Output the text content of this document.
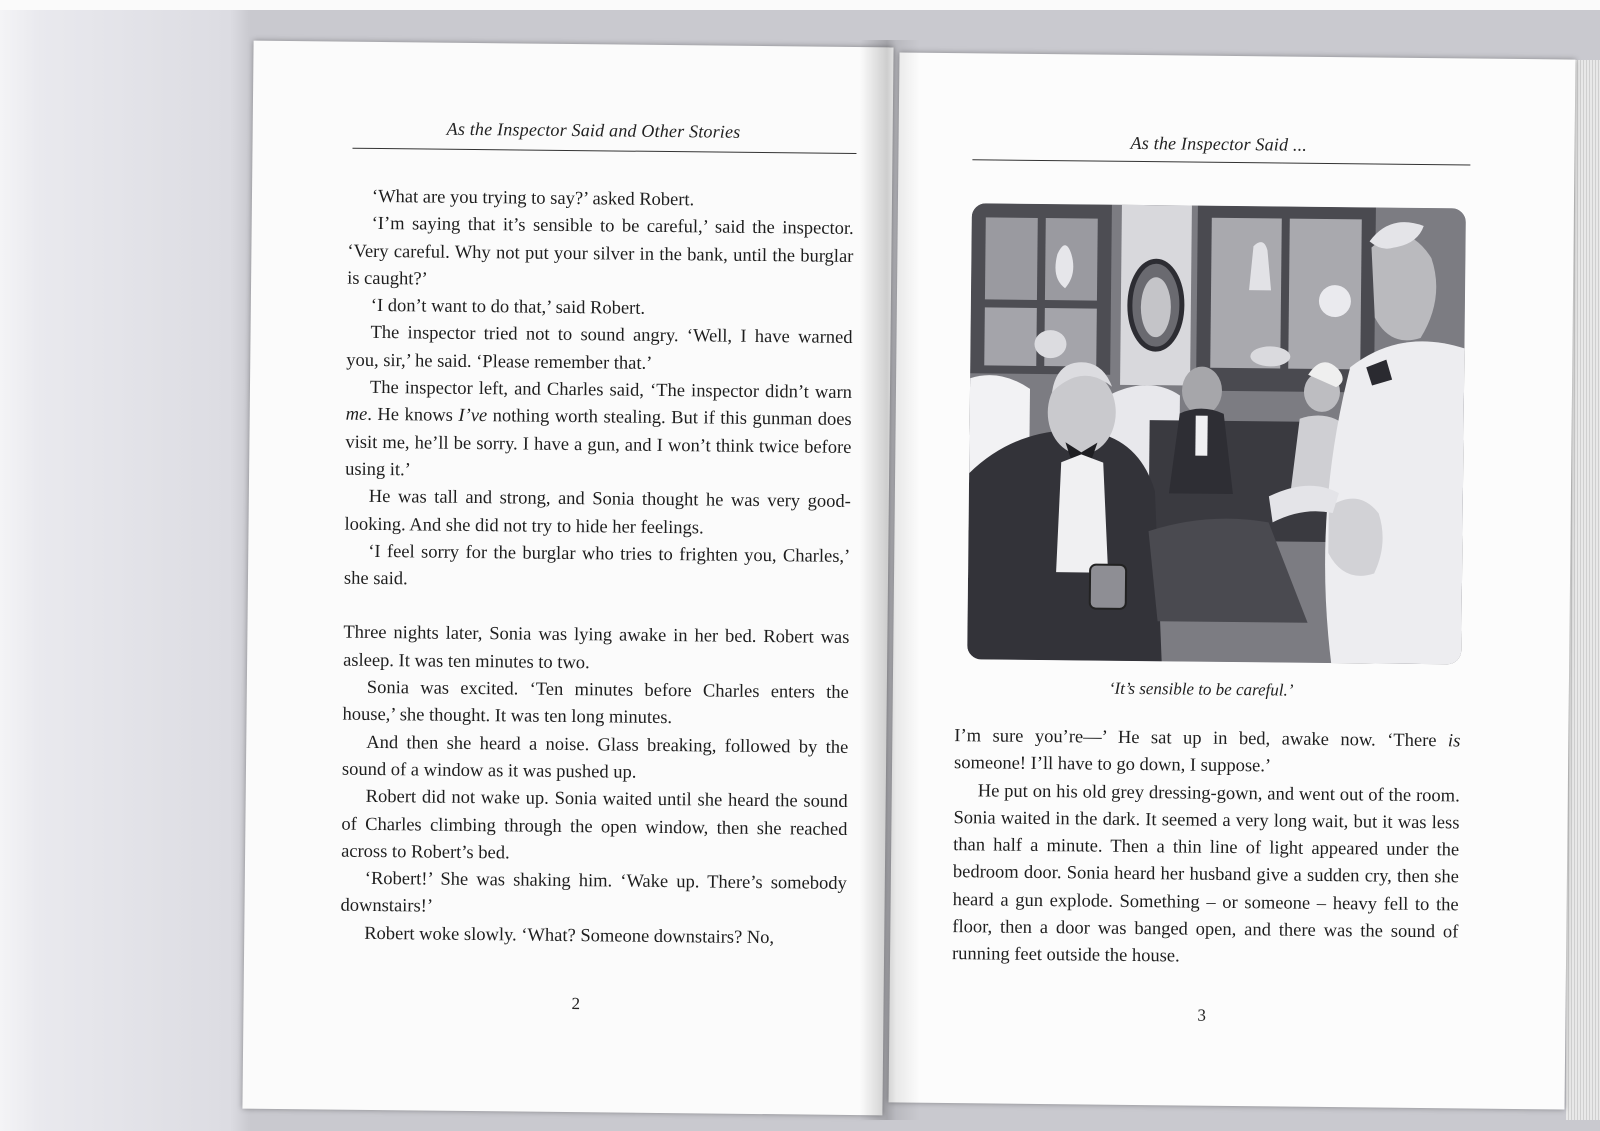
As the Inspector Said and Other Stories

‘What are you trying to say?’ asked Robert.

‘I’m saying that it’s sensible to be careful,’ said the inspector. ‘Very careful. Why not put your silver in the bank, until the burglar is caught?’

‘I don’t want to do that,’ said Robert.

The inspector tried not to sound angry. ‘Well, I have warned you, sir,’ he said. ‘Please remember that.’

The inspector left, and Charles said, ‘The inspector didn’t warn me. He knows I’ve nothing worth stealing. But if this gunman does visit me, he’ll be sorry. I have a gun, and I won’t think twice before using it.’

He was tall and strong, and Sonia thought he was very good-looking. And she did not try to hide her feelings.

‘I feel sorry for the burglar who tries to frighten you, Charles,’ she said.

Three nights later, Sonia was lying awake in her bed. Robert was asleep. It was ten minutes to two.

Sonia was excited. ‘Ten minutes before Charles enters the house,’ she thought. It was ten long minutes.

And then she heard a noise. Glass breaking, followed by the sound of a window as it was pushed up.

Robert did not wake up. Sonia waited until she heard the sound of Charles climbing through the open window, then she reached across to Robert’s bed.

‘Robert!’ She was shaking him. ‘Wake up. There’s somebody downstairs!’

Robert woke slowly. ‘What? Someone downstairs? No,

2
As the Inspector Said ...
‘It’s sensible to be careful.’

I’m sure you’re—’ He sat up in bed, awake now. ‘There is someone! I’ll have to go down, I suppose.’

He put on his old grey dressing-gown, and went out of the room. Sonia waited in the dark. It seemed a very long wait, but it was less than half a minute. Then a thin line of light appeared under the bedroom door. Sonia heard her husband give a sudden cry, then she heard a gun explode. Something – or someone – heavy fell to the floor, then a door was banged open, and there was the sound of running feet outside the house.

3
